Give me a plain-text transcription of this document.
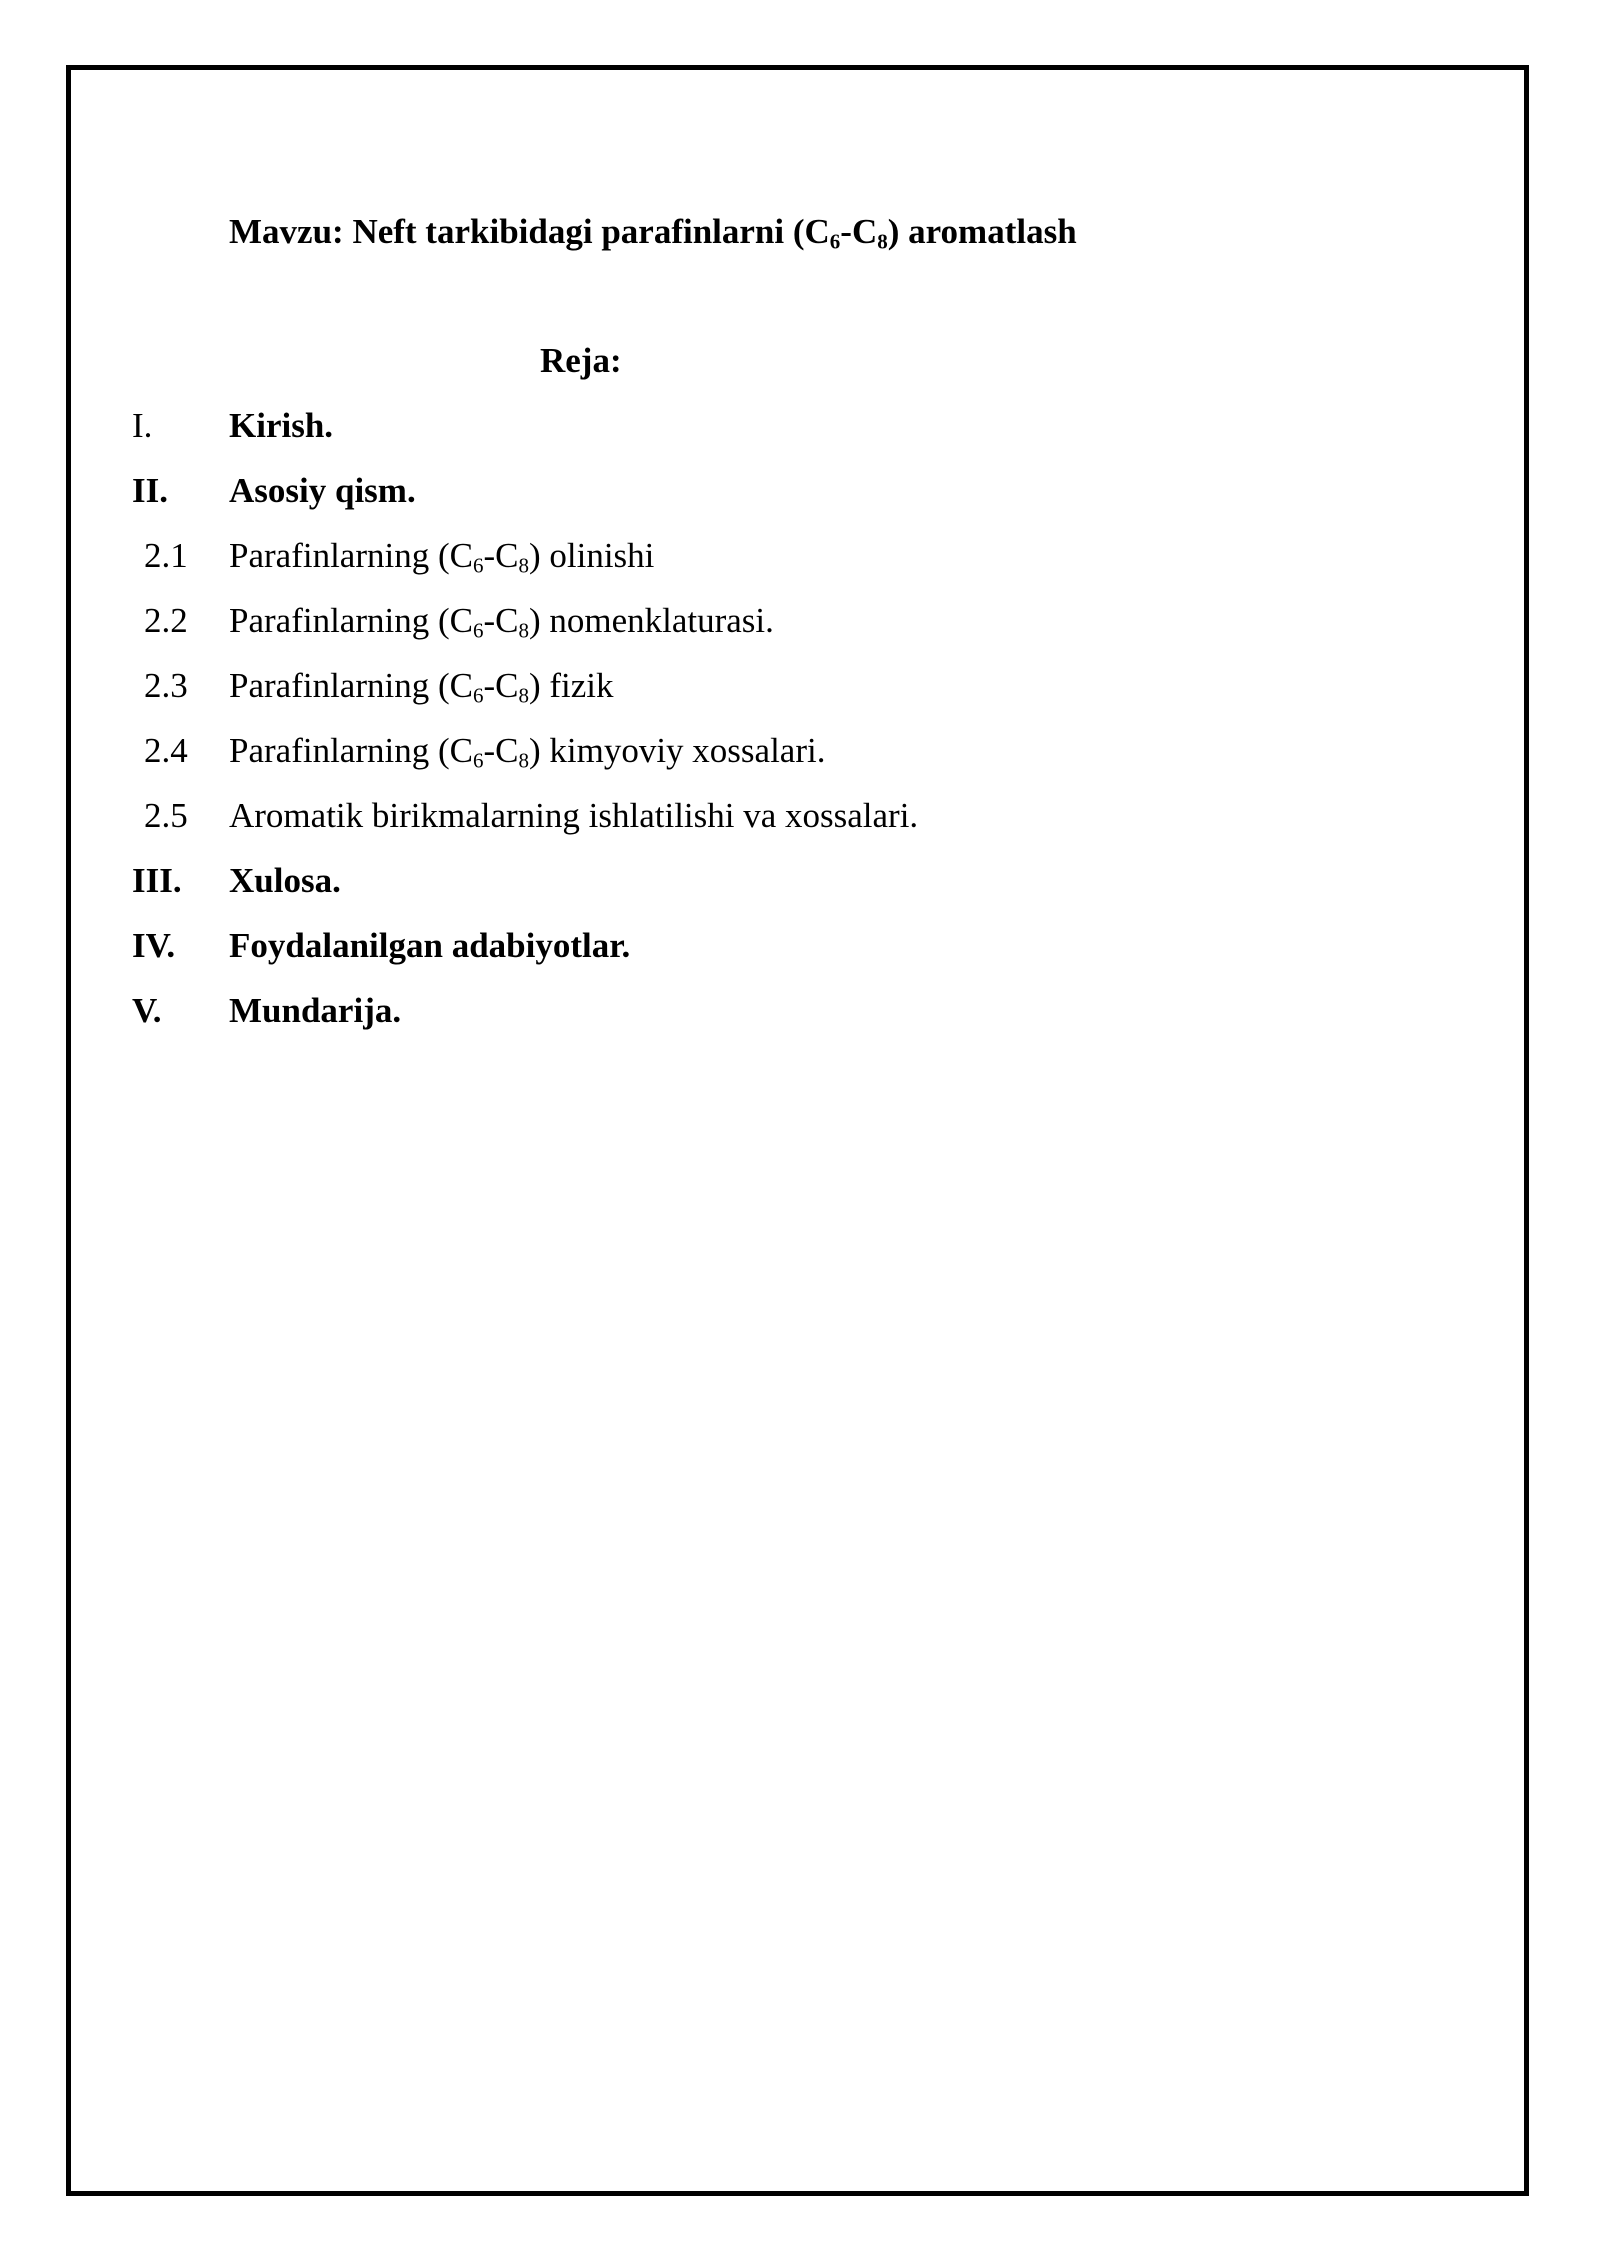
Mavzu: Neft tarkibidagi parafinlarni $(C_6-C_8)$ aromatlash
Reja:
I. Kirish.
II. Asosiy qism.
2.1 Parafinlarning $(C_6-C_8)$ olinishi
2.2 Parafinlarning $(C_6-C_8)$ nomenklaturasi.
2.3 Parafinlarning $(C_6-C_8)$ fizik
2.4 Parafinlarning $(C_6-C_8)$ kimyoviy xossalari.
2.5 Aromatik birikmalarning ishlatilishi va xossalari.
III. Xulosa.
IV. Foydalanilgan adabiyotlar.
V. Mundarija.
